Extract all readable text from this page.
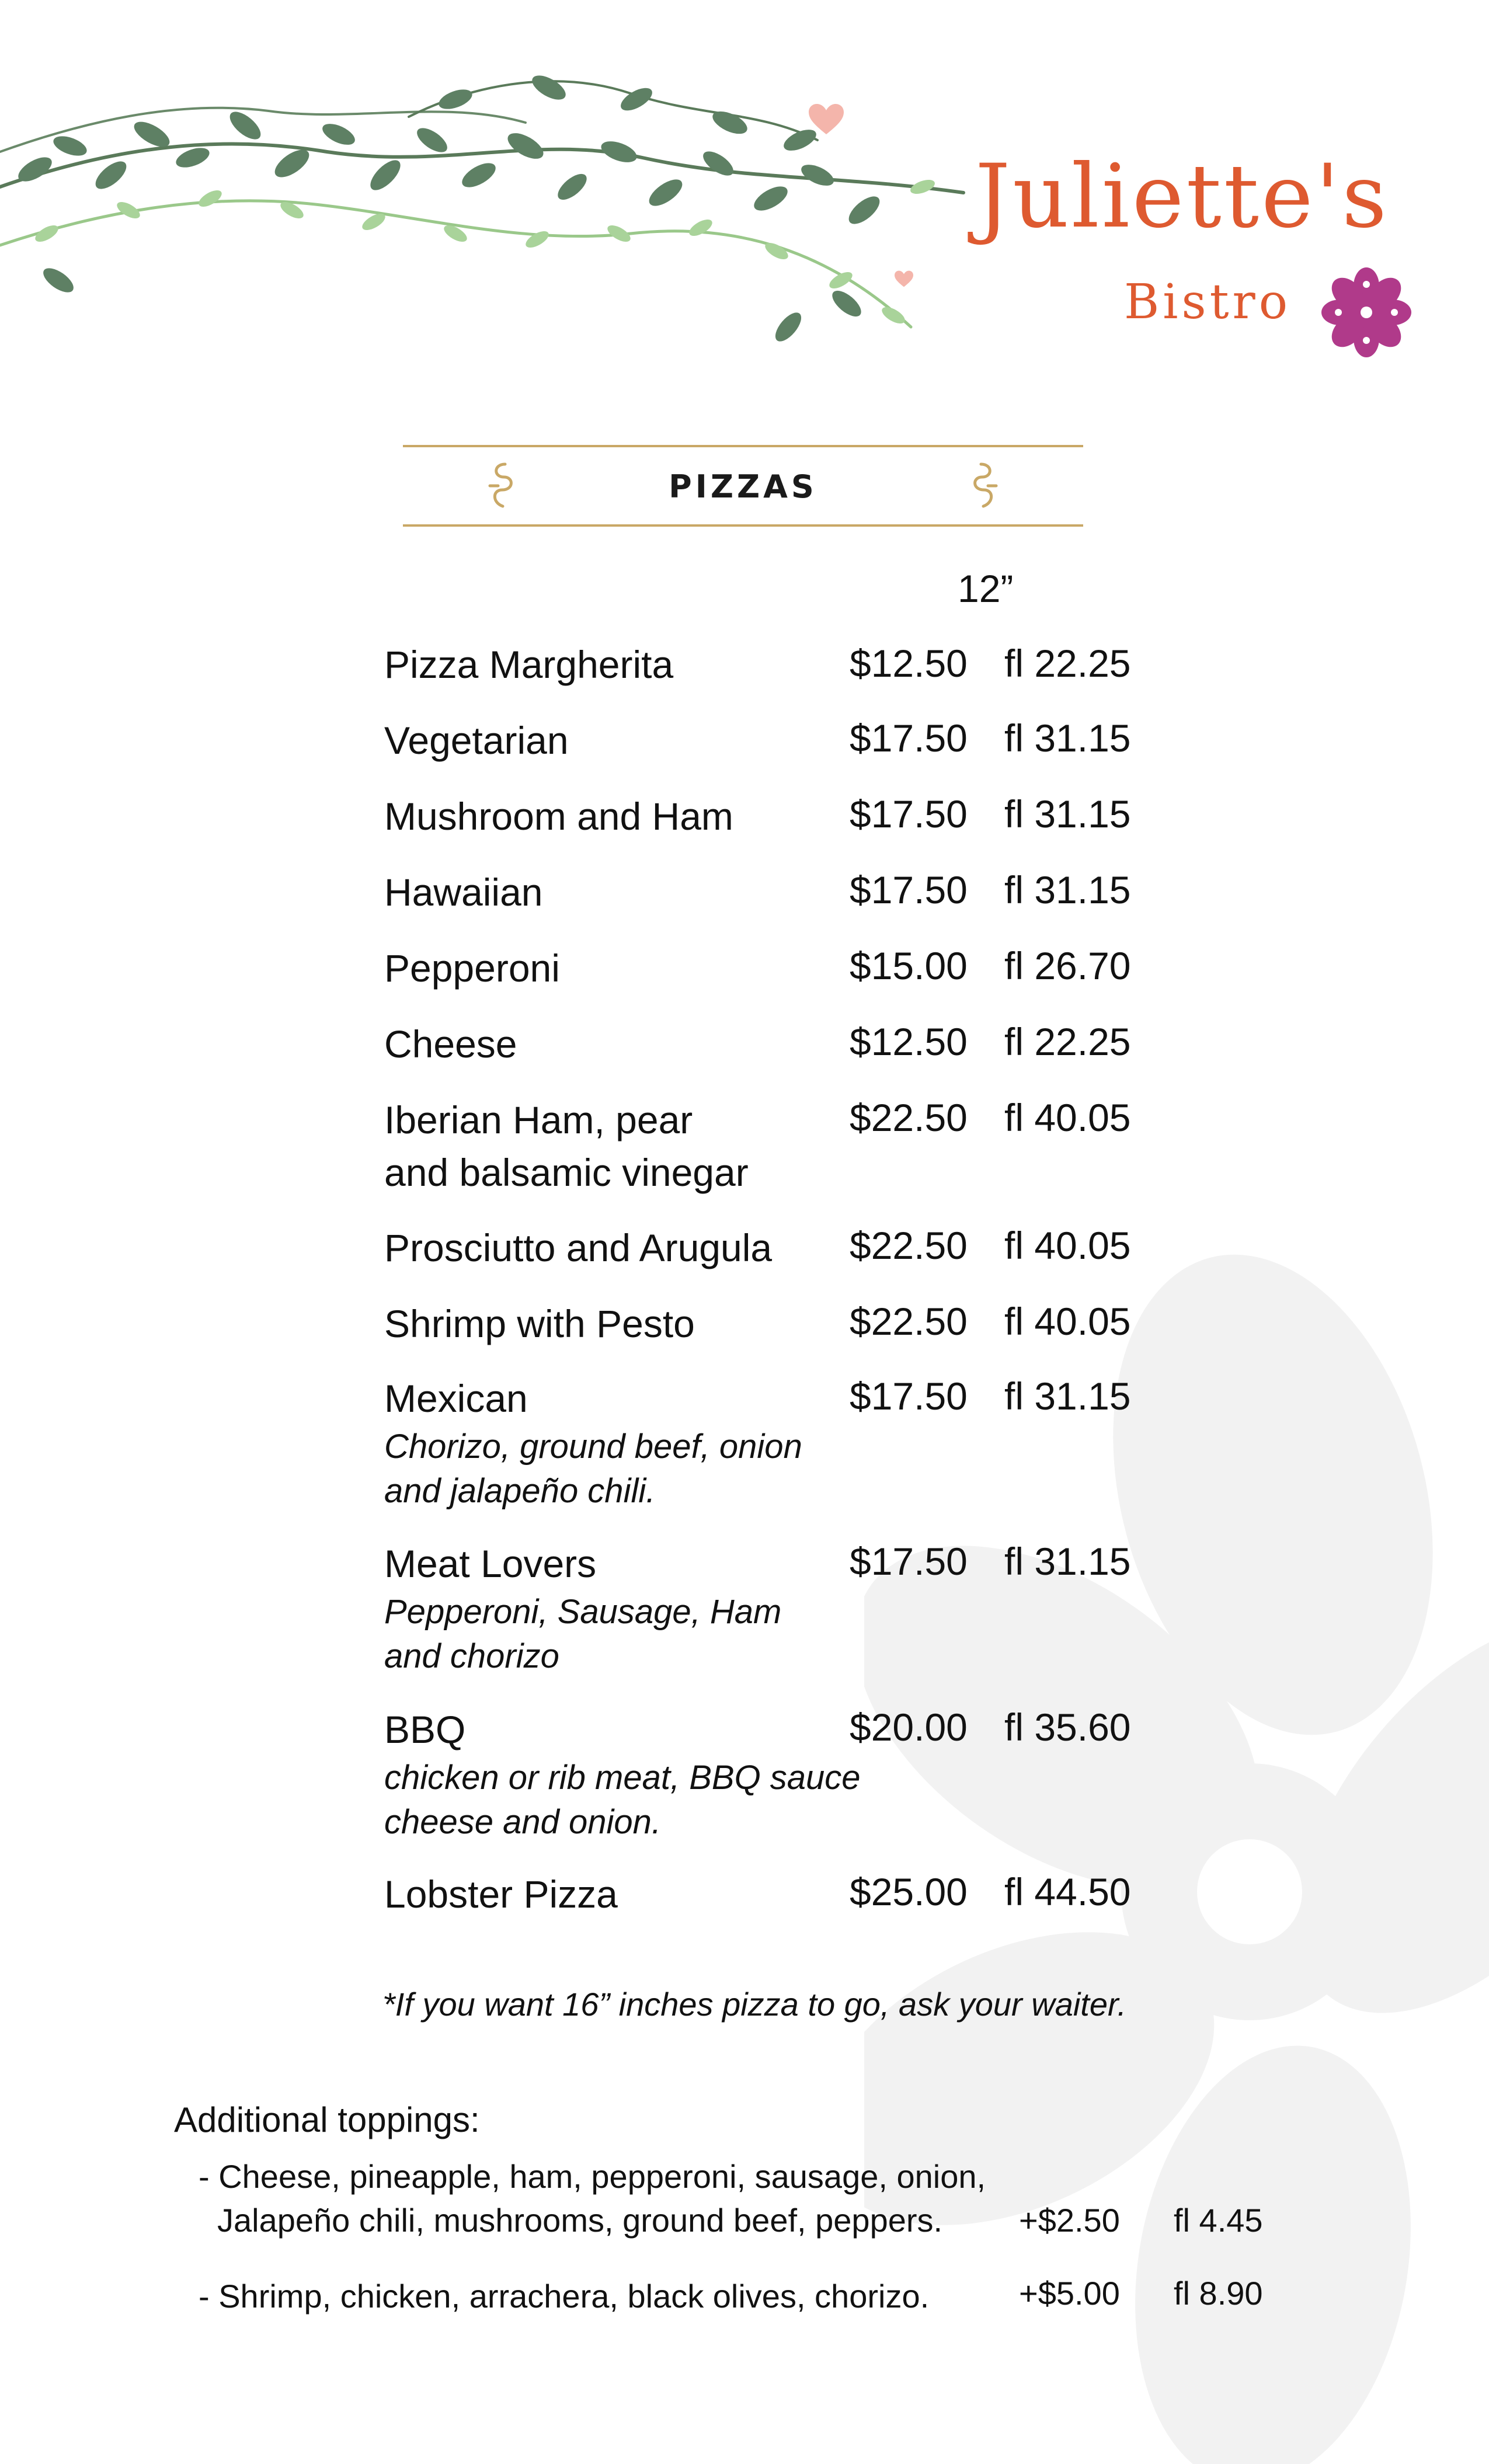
Juliette's
Bistro
PIZZAS
12”
Pizza Margherita	$12.50 fl 22.25
Vegetarian	$17.50 fl 31.15
Mushroom and Ham	$17.50 fl 31.15
Hawaiian	$17.50 fl 31.15
Pepperoni	$15.00 fl 26.70
Cheese	$12.50 fl 22.25
Iberian Ham, pear
and balsamic vinegar
$22.50 fl 40.05
Prosciutto and Arugula $22.50 fl 40.05
Shrimp with Pesto	$22.50 fl 40.05
Mexican
Chorizo, ground beef, onion
and jalapeño chili.
$17.50 fl 31.15
Meat Lovers
Pepperoni, Sausage, Ham
and chorizo
$17.50 fl 31.15
BBQ
chicken or rib meat, BBQ sauce
cheese and onion.
$20.00 fl 35.60
Lobster Pizza	$25.00 fl 44.50
*If you want 16” inches pizza to go, ask your waiter.
Additional toppings:
- Cheese, pineapple, ham, pepperoni, sausage, onion,
Jalapeño chili, mushrooms, ground beef, peppers. +$2.50 fl 4.45
- Shrimp, chicken, arrachera, black olives, chorizo.	+$5.00 fl 8.90
